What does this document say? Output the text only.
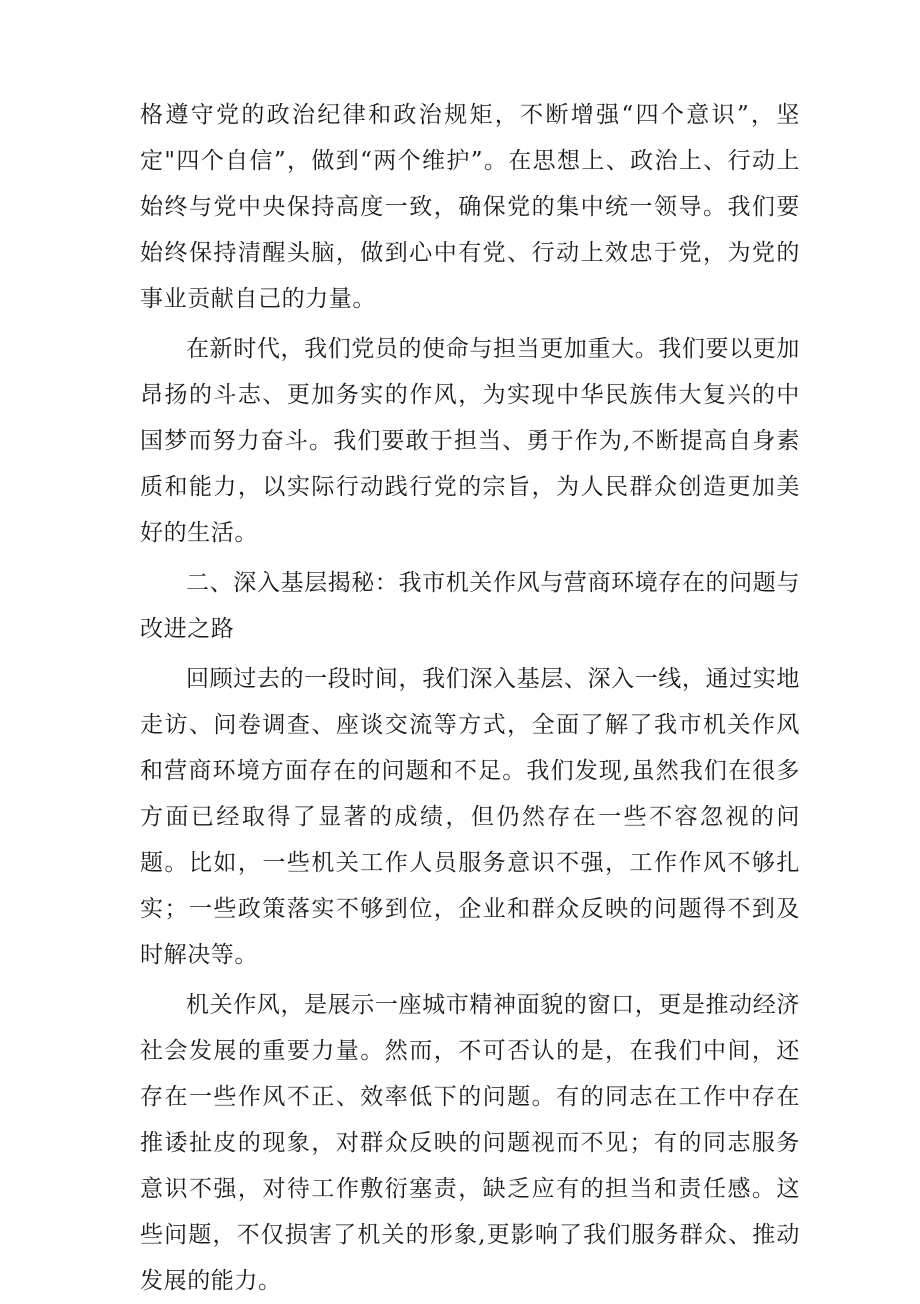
格遵守党的政治纪律和政治规矩，不断增强“四个意识”，坚定"四个自信”，做到“两个维护”。在思想上、政治上、行动上始终与党中央保持高度一致，确保党的集中统一领导。我们要始终保持清醒头脑，做到心中有党、行动上效忠于党，为党的事业贡献自己的力量。

在新时代，我们党员的使命与担当更加重大。我们要以更加昂扬的斗志、更加务实的作风，为实现中华民族伟大复兴的中国梦而努力奋斗。我们要敢于担当、勇于作为,不断提高自身素质和能力，以实际行动践行党的宗旨，为人民群众创造更加美好的生活。

二、深入基层揭秘：我市机关作风与营商环境存在的问题与改进之路

回顾过去的一段时间，我们深入基层、深入一线，通过实地走访、问卷调查、座谈交流等方式，全面了解了我市机关作风和营商环境方面存在的问题和不足。我们发现,虽然我们在很多方面已经取得了显著的成绩，但仍然存在一些不容忽视的问题。比如，一些机关工作人员服务意识不强，工作作风不够扎实；一些政策落实不够到位，企业和群众反映的问题得不到及时解决等。

机关作风，是展示一座城市精神面貌的窗口，更是推动经济社会发展的重要力量。然而，不可否认的是，在我们中间，还存在一些作风不正、效率低下的问题。有的同志在工作中存在推诿扯皮的现象，对群众反映的问题视而不见；有的同志服务意识不强，对待工作敷衍塞责，缺乏应有的担当和责任感。这些问题，不仅损害了机关的形象,更影响了我们服务群众、推动发展的能力。
